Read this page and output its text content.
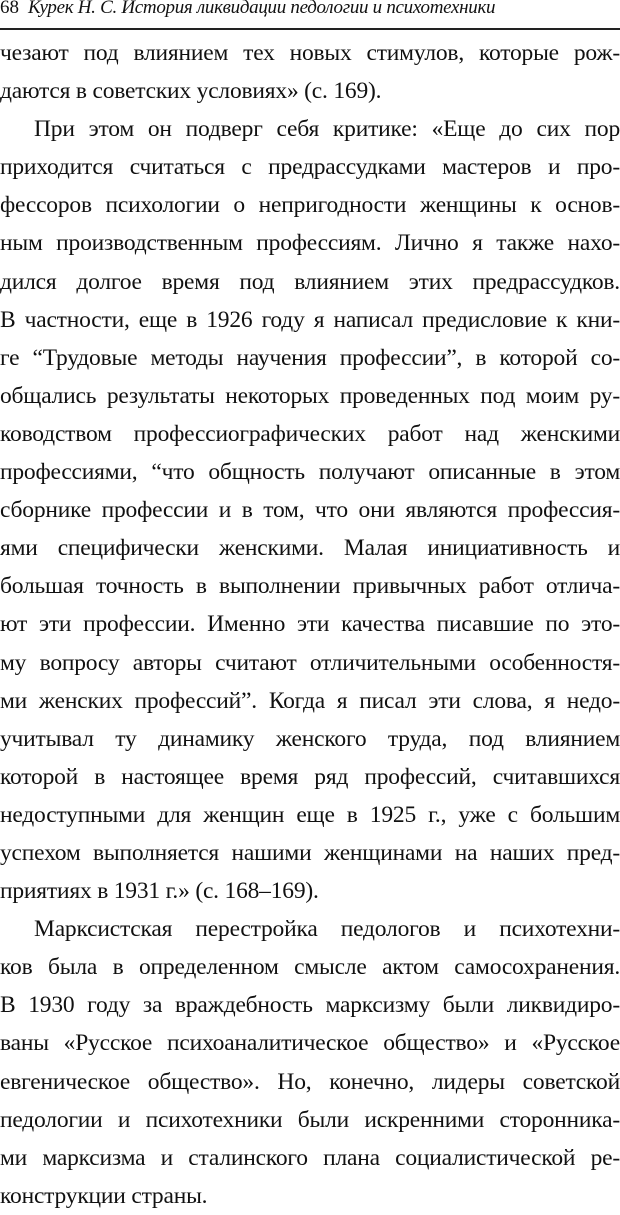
68 Курек Н. С. История ликвидации педологии и психотехники
чезают под влиянием тех новых стимулов, которые рож-
даются в советских условиях» (с. 169).
При этом он подверг себя критике: «Еще до сих пор
приходится считаться с предрассудками мастеров и про-
фессоров психологии о непригодности женщины к основ-
ным производственным профессиям. Лично я также нахо-
дился долгое время под влиянием этих предрассудков.
В частности, еще в 1926 году я написал предисловие к кни-
ге “Трудовые методы научения профессии”, в которой со-
общались результаты некоторых проведенных под моим ру-
ководством профессиографических работ над женскими
профессиями, “что общность получают описанные в этом
сборнике профессии и в том, что они являются профессия-
ями специфически женскими. Малая инициативность и
большая точность в выполнении привычных работ отлича-
ют эти профессии. Именно эти качества писавшие по это-
му вопросу авторы считают отличительными особенностя-
ми женских профессий”. Когда я писал эти слова, я недо-
учитывал ту динамику женского труда, под влиянием
которой в настоящее время ряд профессий, считавшихся
недоступными для женщин еще в 1925 г., уже с большим
успехом выполняется нашими женщинами на наших пред-
приятиях в 1931 г.» (с. 168–169).
Марксистская перестройка педологов и психотехни-
ков была в определенном смысле актом самосохранения.
В 1930 году за враждебность марксизму были ликвидиро-
ваны «Русское психоаналитическое общество» и «Русское
евгеническое общество». Но, конечно, лидеры советской
педологии и психотехники были искренними сторонника-
ми марксизма и сталинского плана социалистической ре-
конструкции страны.
